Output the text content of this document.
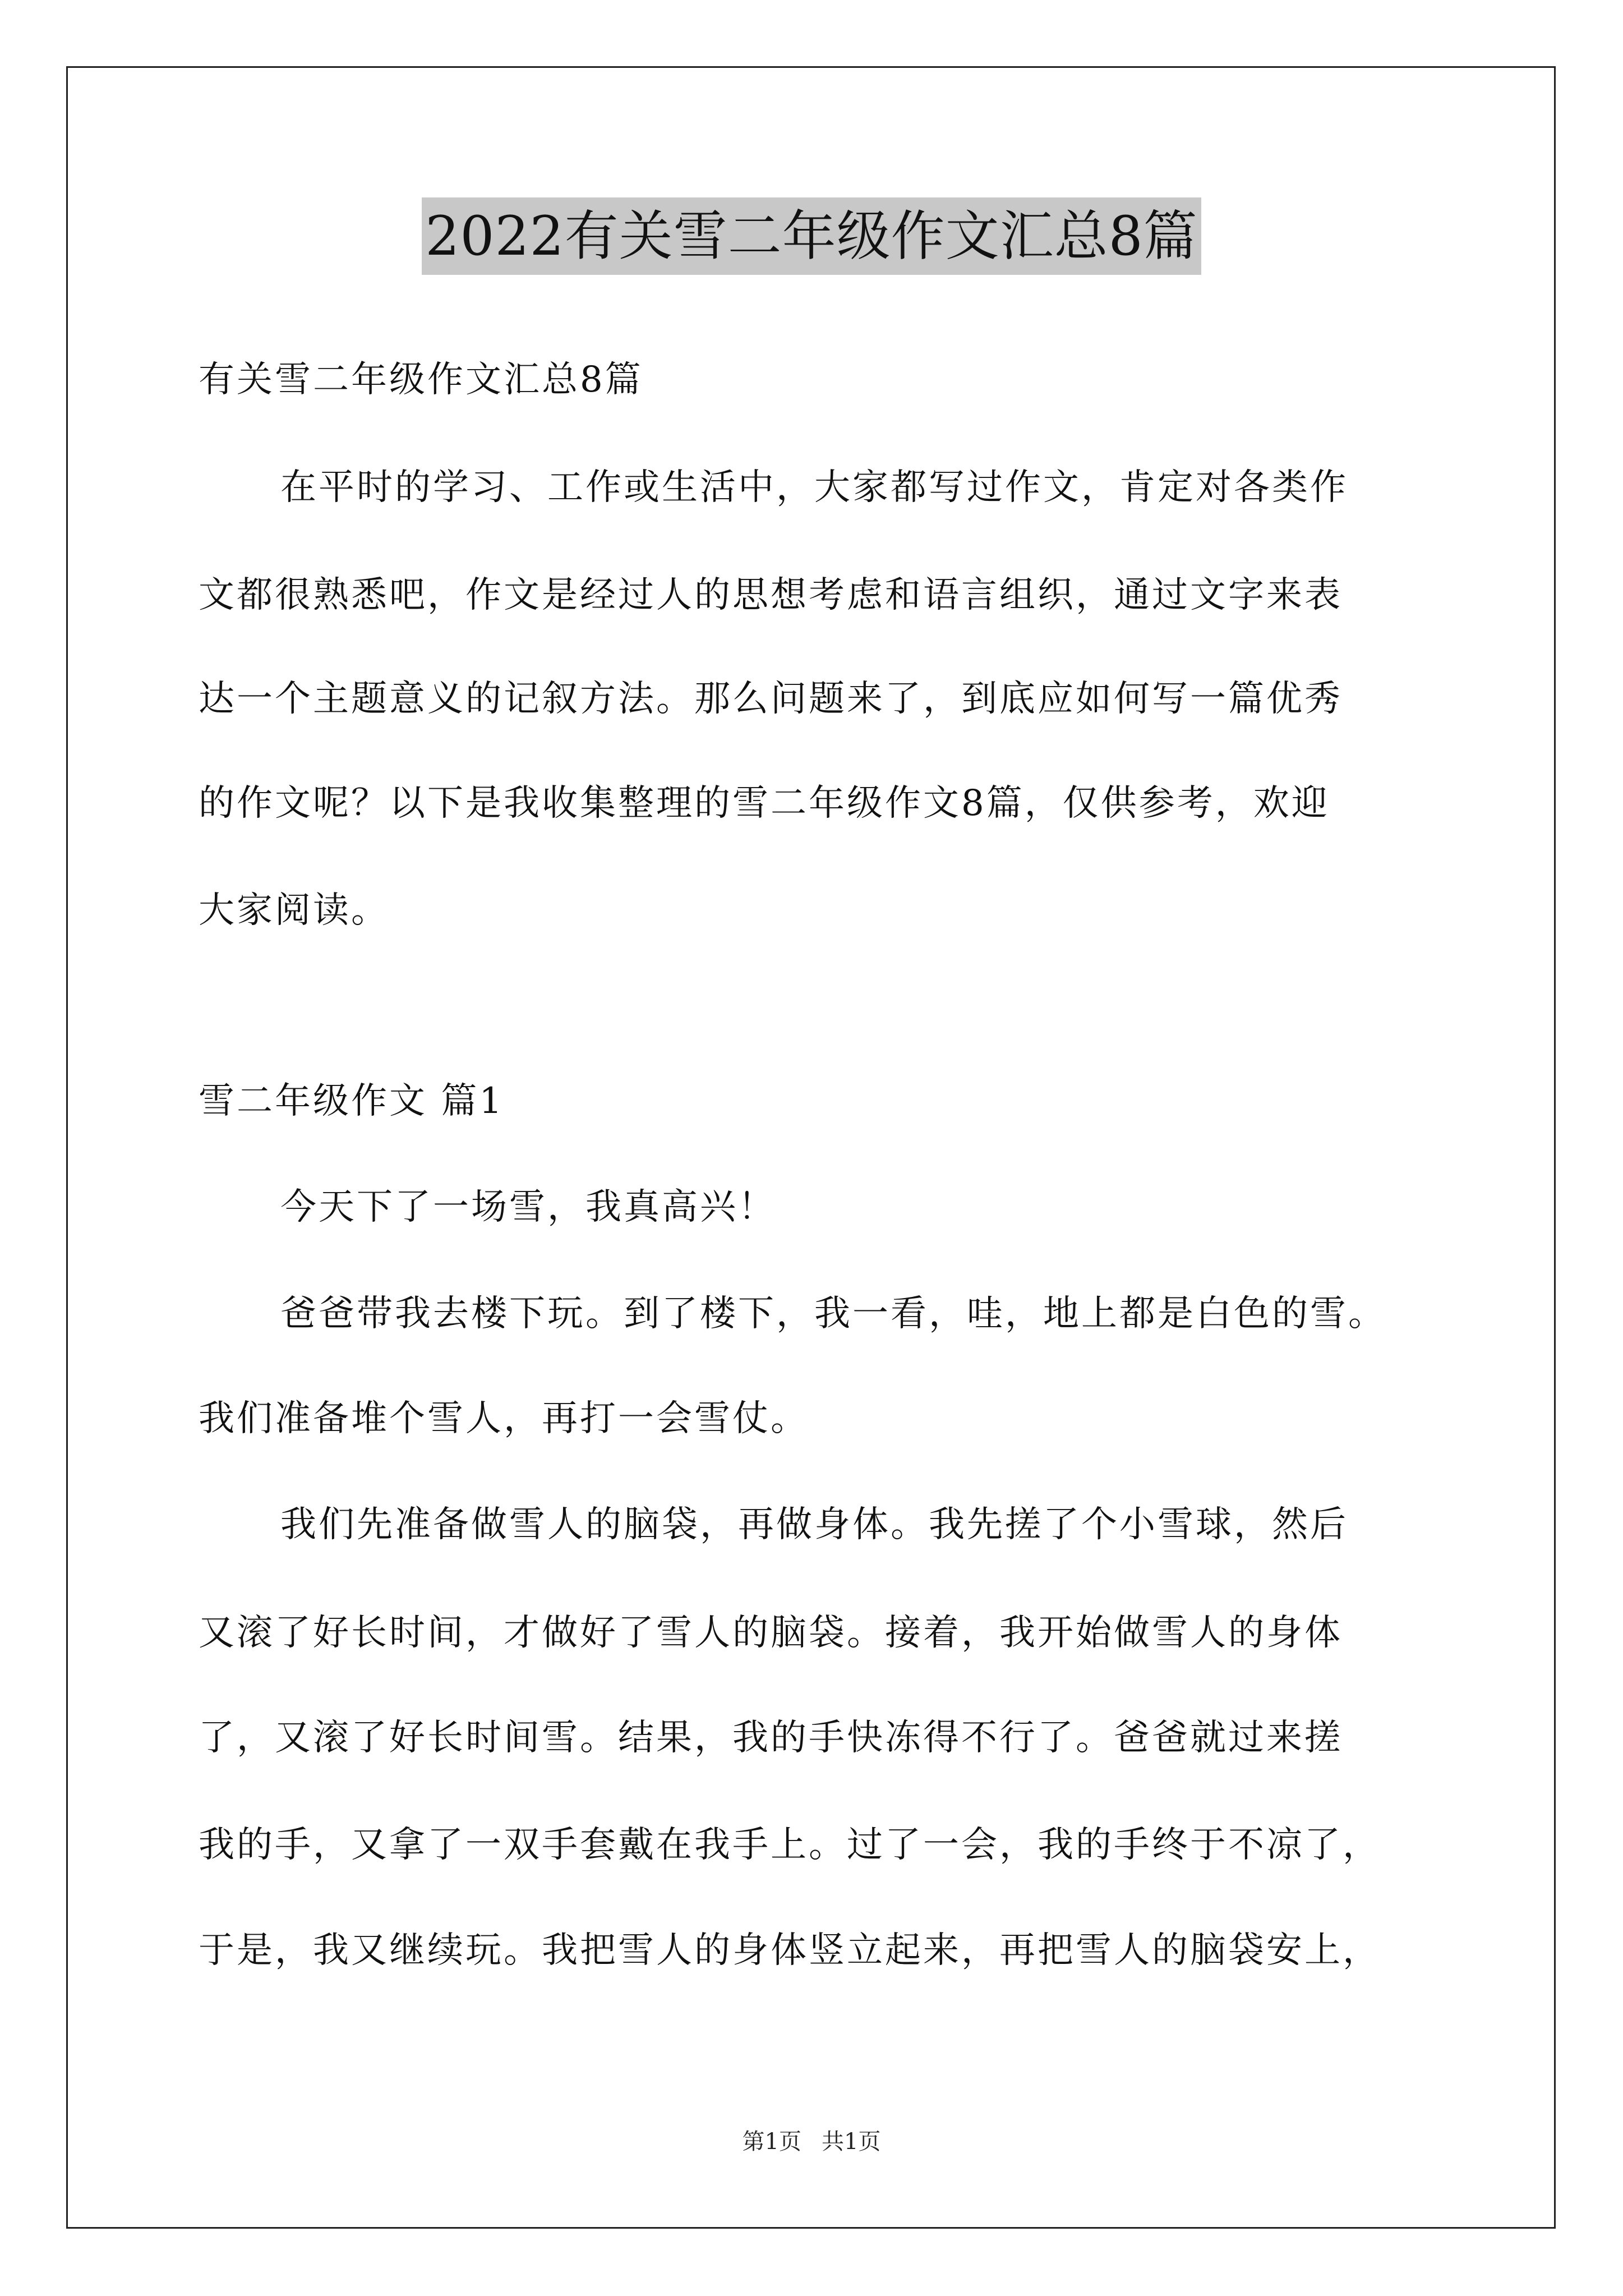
2022有关雪二年级作文汇总8篇
有关雪二年级作文汇总8篇
在平时的学习、工作或生活中，大家都写过作文，肯定对各类作
文都很熟悉吧，作文是经过人的思想考虑和语言组织，通过文字来表
达一个主题意义的记叙方法。那么问题来了，到底应如何写一篇优秀
的作文呢？以下是我收集整理的雪二年级作文8篇，仅供参考，欢迎
大家阅读。
雪二年级作文 篇1
今天下了一场雪，我真高兴！
爸爸带我去楼下玩。到了楼下，我一看，哇，地上都是白色的雪。
我们准备堆个雪人，再打一会雪仗。
我们先准备做雪人的脑袋，再做身体。我先搓了个小雪球，然后
又滚了好长时间，才做好了雪人的脑袋。接着，我开始做雪人的身体
了，又滚了好长时间雪。结果，我的手快冻得不行了。爸爸就过来搓
我的手，又拿了一双手套戴在我手上。过了一会，我的手终于不凉了，
于是，我又继续玩。我把雪人的身体竖立起来，再把雪人的脑袋安上，
第1页 共1页
